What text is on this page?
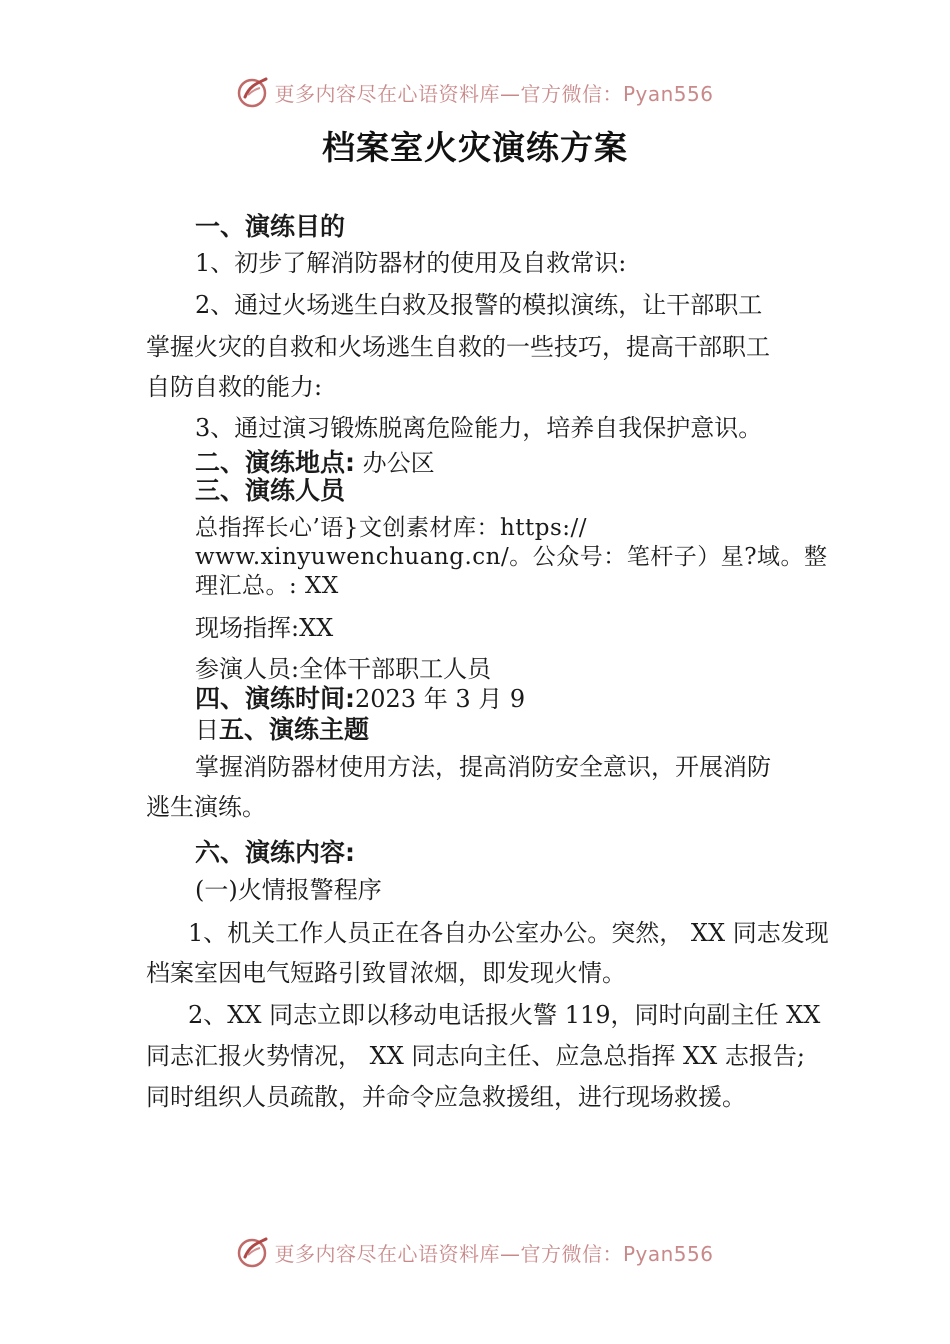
更多内容尽在心语资料库—官方微信：Pyan556
档案室火灾演练方案
一、演练目的
1、初步了解消防器材的使用及自救常识:
2、通过火场逃生白救及报警的模拟演练，让干部职工
掌握火灾的自救和火场逃生自救的一些技巧，提高干部职工
自防自救的能力:
3、通过演习锻炼脱离危险能力，培养自我保护意识。
二、演练地点: 办公区
三、演练人员
总指挥长心’语}文创素材库：https://
www.xinyuwenchuang.cn/。公众号：笔杆子）星?域。整
理汇总。: XX
现场指挥:XX
参演人员:全体干部职工人员
四、演练时间:2023 年 3 月 9
日五、演练主题
掌握消防器材使用方法，提高消防安全意识，开展消防
逃生演练。
六、演练内容:
(一)火情报警程序
1、机关工作人员正在各自办公室办公。突然， XX 同志发现
档案室因电气短路引致冒浓烟，即发现火情。
2、XX 同志立即以移动电话报火警 119，同时向副主任 XX
同志汇报火势情况， XX 同志向主任、应急总指挥 XX 志报告;
同时组织人员疏散，并命令应急救援组，进行现场救援。
更多内容尽在心语资料库—官方微信：Pyan556
